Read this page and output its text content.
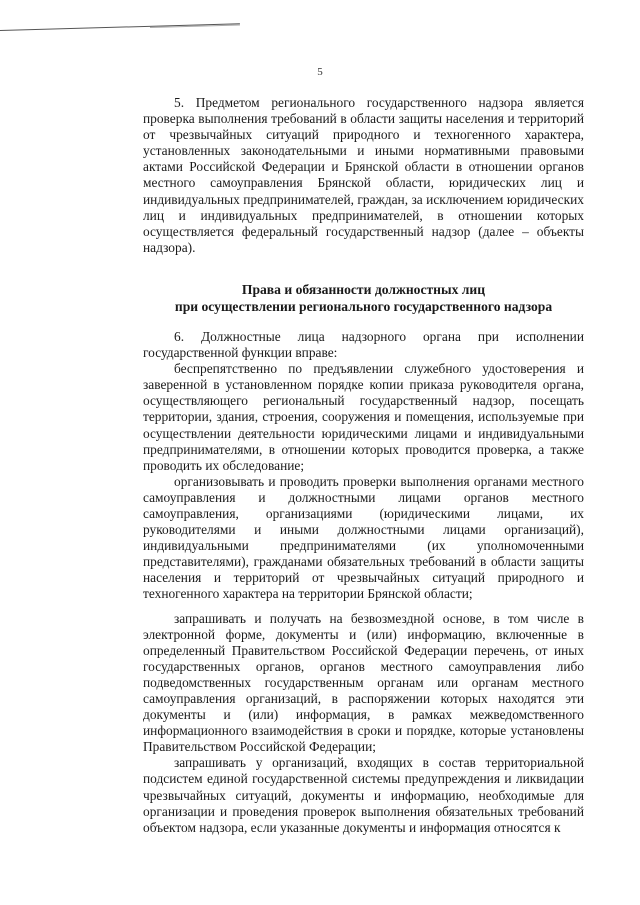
5

5. Предметом регионального государственного надзора является проверка выполнения требований в области защиты населения и территорий от чрезвычайных ситуаций природного и техногенного характера, установленных законодательными и иными нормативными правовыми актами Российской Федерации и Брянской области в отношении органов местного самоуправления Брянской области, юридических лиц и индивидуальных предпринимателей, граждан, за исключением юридических лиц и индивидуальных предпринимателей, в отношении которых осуществляется федеральный государственный надзор (далее – объекты надзора).

Права и обязанности должностных лиц
при осуществлении регионального государственного надзора

6. Должностные лица надзорного органа при исполнении государственной функции вправе:

беспрепятственно по предъявлении служебного удостоверения и заверенной в установленном порядке копии приказа руководителя органа, осуществляющего региональный государственный надзор, посещать территории, здания, строения, сооружения и помещения, используемые при осуществлении деятельности юридическими лицами и индивидуальными предпринимателями, в отношении которых проводится проверка, а также проводить их обследование;

организовывать и проводить проверки выполнения органами местного самоуправления и должностными лицами органов местного самоуправления, организациями (юридическими лицами, их руководителями и иными должностными лицами организаций), индивидуальными предпринимателями (их уполномоченными представителями), гражданами обязательных требований в области защиты населения и территорий от чрезвычайных ситуаций природного и техногенного характера на территории Брянской области;

запрашивать и получать на безвозмездной основе, в том числе в электронной форме, документы и (или) информацию, включенные в определенный Правительством Российской Федерации перечень, от иных государственных органов, органов местного самоуправления либо подведомственных государственным органам или органам местного самоуправления организаций, в распоряжении которых находятся эти документы и (или) информация, в рамках межведомственного информационного взаимодействия в сроки и порядке, которые установлены Правительством Российской Федерации;

запрашивать у организаций, входящих в состав территориальной подсистем единой государственной системы предупреждения и ликвидации чрезвычайных ситуаций, документы и информацию, необходимые для организации и проведения проверок выполнения обязательных требований объектом надзора, если указанные документы и информация относятся к
